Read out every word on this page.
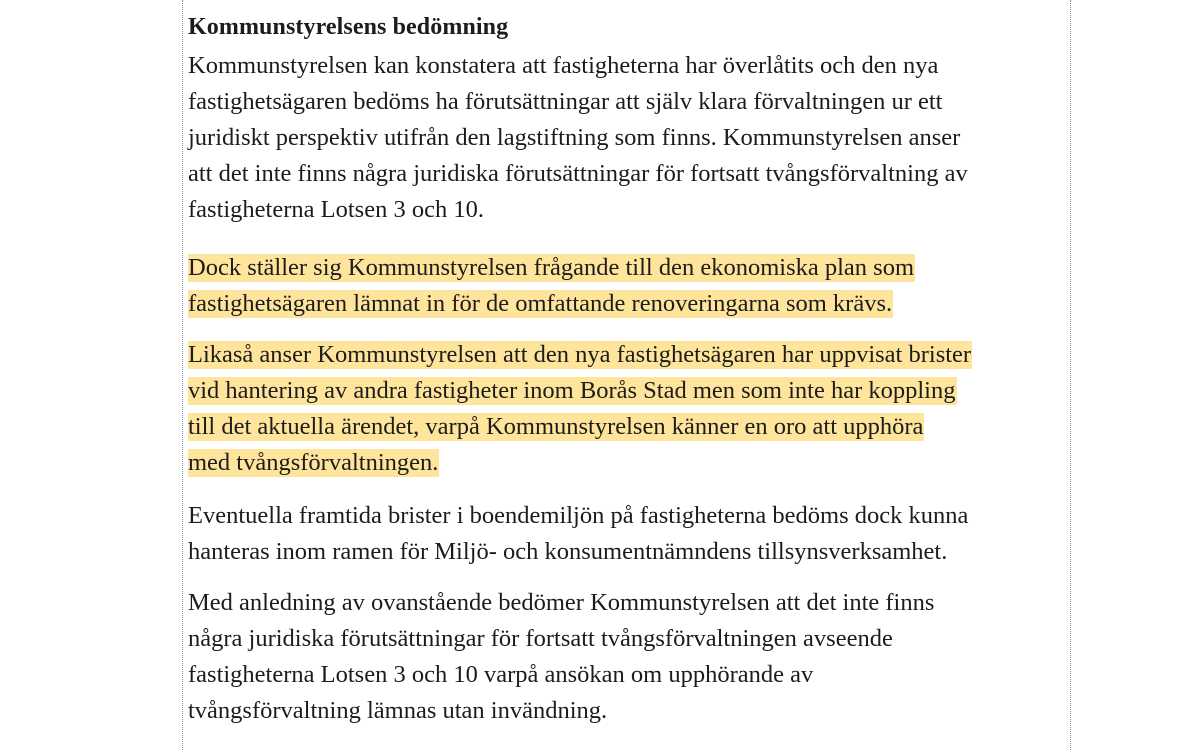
Kommunstyrelsens bedömning
Kommunstyrelsen kan konstatera att fastigheterna har överlåtits och den nya
fastighetsägaren bedöms ha förutsättningar att själv klara förvaltningen ur ett
juridiskt perspektiv utifrån den lagstiftning som finns. Kommunstyrelsen anser
att det inte finns några juridiska förutsättningar för fortsatt tvångsförvaltning av
fastigheterna Lotsen 3 och 10.
Dock ställer sig Kommunstyrelsen frågande till den ekonomiska plan som
fastighetsägaren lämnat in för de omfattande renoveringarna som krävs.
Likaså anser Kommunstyrelsen att den nya fastighetsägaren har uppvisat brister
vid hantering av andra fastigheter inom Borås Stad men som inte har koppling
till det aktuella ärendet, varpå Kommunstyrelsen känner en oro att upphöra
med tvångsförvaltningen.
Eventuella framtida brister i boendemiljön på fastigheterna bedöms dock kunna
hanteras inom ramen för Miljö- och konsumentnämndens tillsynsverksamhet.
Med anledning av ovanstående bedömer Kommunstyrelsen att det inte finns
några juridiska förutsättningar för fortsatt tvångsförvaltningen avseende
fastigheterna Lotsen 3 och 10 varpå ansökan om upphörande av
tvångsförvaltning lämnas utan invändning.
